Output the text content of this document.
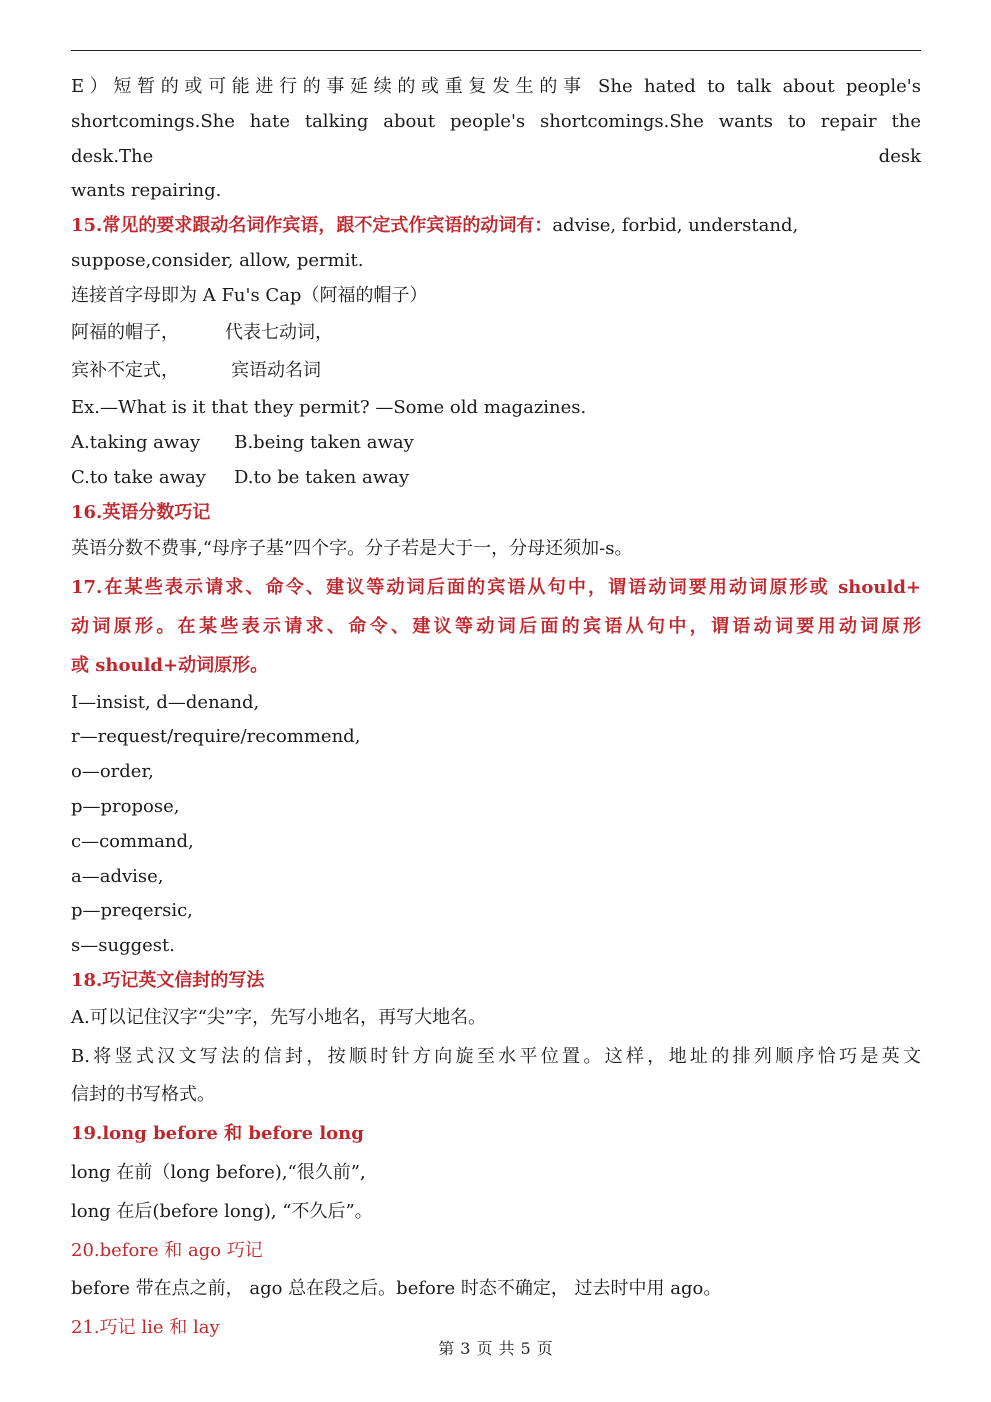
E）短暂的或可能进行的事延续的或重复发生的事 She hated to talk about people's
shortcomings.She hate talking about people's shortcomings.She wants to repair the desk.The desk
wants repairing.
15.常见的要求跟动名词作宾语，跟不定式作宾语的动词有：advise, forbid, understand,
suppose,consider, allow, permit.
连接首字母即为 A Fu's Cap（阿福的帽子）
阿福的帽子，	代表七动词，
宾补不定式，	宾语动名词
Ex.—What is it that they permit? —Some old magazines.
A.taking away B.being taken away
C.to take away D.to be taken away
16.英语分数巧记
英语分数不费事,“母序子基”四个字。分子若是大于一，分母还须加-s。
17.在某些表示请求、命令、建议等动词后面的宾语从句中，谓语动词要用动词原形或 should+
动词原形。在某些表示请求、命令、建议等动词后面的宾语从句中，谓语动词要用动词原形
或 should+动词原形。
I—insist, d—denand,
r—request/require/recommend,
o—order,
p—propose,
c—command,
a—advise,
p—preqersic,
s—suggest.
18.巧记英文信封的写法
A.可以记住汉字“尖”字，先写小地名，再写大地名。
B.将竖式汉文写法的信封，按顺时针方向旋至水平位置。这样，地址的排列顺序恰巧是英文
信封的书写格式。
19.long before 和 before long
long 在前（long before),“很久前”,
long 在后(before long), “不久后”。
20.before 和 ago 巧记
before 带在点之前， ago 总在段之后。before 时态不确定， 过去时中用 ago。
21.巧记 lie 和 lay
第 3 页 共 5 页
